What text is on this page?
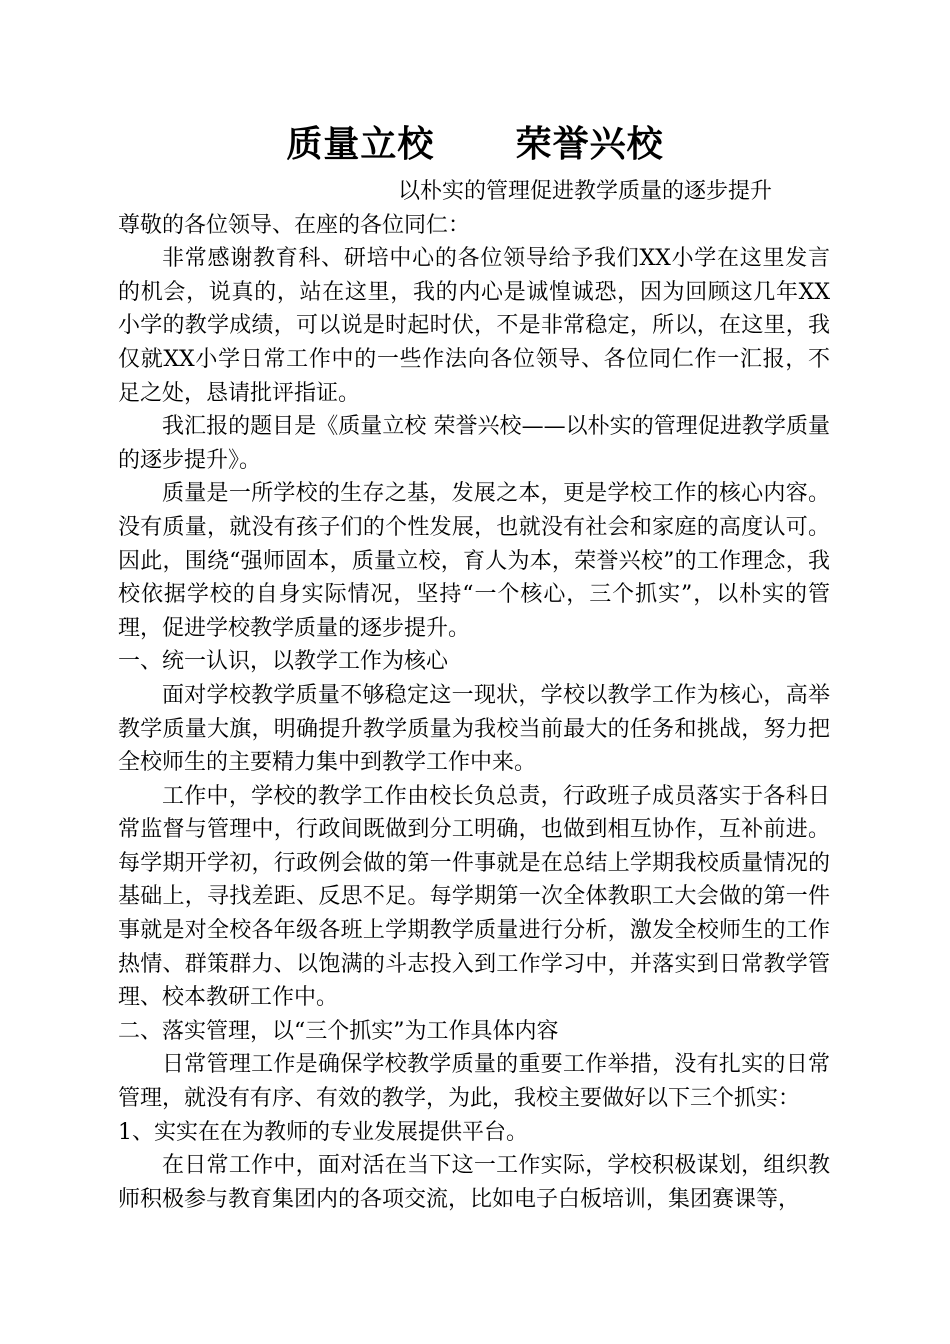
质量立校      荣誉兴校

以朴实的管理促进教学质量的逐步提升

尊敬的各位领导、在座的各位同仁：

非常感谢教育科、研培中心的各位领导给予我们XX小学在这里发言的机会，说真的，站在这里，我的内心是诚惶诚恐，因为回顾这几年XX小学的教学成绩，可以说是时起时伏，不是非常稳定，所以，在这里，我仅就XX小学日常工作中的一些作法向各位领导、各位同仁作一汇报，不足之处，恳请批评指证。

我汇报的题目是《质量立校 荣誉兴校——以朴实的管理促进教学质量的逐步提升》。

质量是一所学校的生存之基，发展之本，更是学校工作的核心内容。没有质量，就没有孩子们的个性发展，也就没有社会和家庭的高度认可。因此，围绕“强师固本，质量立校，育人为本，荣誉兴校”的工作理念，我校依据学校的自身实际情况，坚持“一个核心，三个抓实”，以朴实的管理，促进学校教学质量的逐步提升。

一、统一认识，以教学工作为核心

面对学校教学质量不够稳定这一现状，学校以教学工作为核心，高举教学质量大旗，明确提升教学质量为我校当前最大的任务和挑战，努力把全校师生的主要精力集中到教学工作中来。

工作中，学校的教学工作由校长负总责，行政班子成员落实于各科日常监督与管理中，行政间既做到分工明确，也做到相互协作，互补前进。每学期开学初，行政例会做的第一件事就是在总结上学期我校质量情况的基础上，寻找差距、反思不足。每学期第一次全体教职工大会做的第一件事就是对全校各年级各班上学期教学质量进行分析，激发全校师生的工作热情、群策群力、以饱满的斗志投入到工作学习中，并落实到日常教学管理、校本教研工作中。

二、落实管理，以“三个抓实”为工作具体内容

日常管理工作是确保学校教学质量的重要工作举措，没有扎实的日常管理，就没有有序、有效的教学，为此，我校主要做好以下三个抓实：

1、实实在在为教师的专业发展提供平台。

在日常工作中，面对活在当下这一工作实际，学校积极谋划，组织教师积极参与教育集团内的各项交流，比如电子白板培训，集团赛课等，
